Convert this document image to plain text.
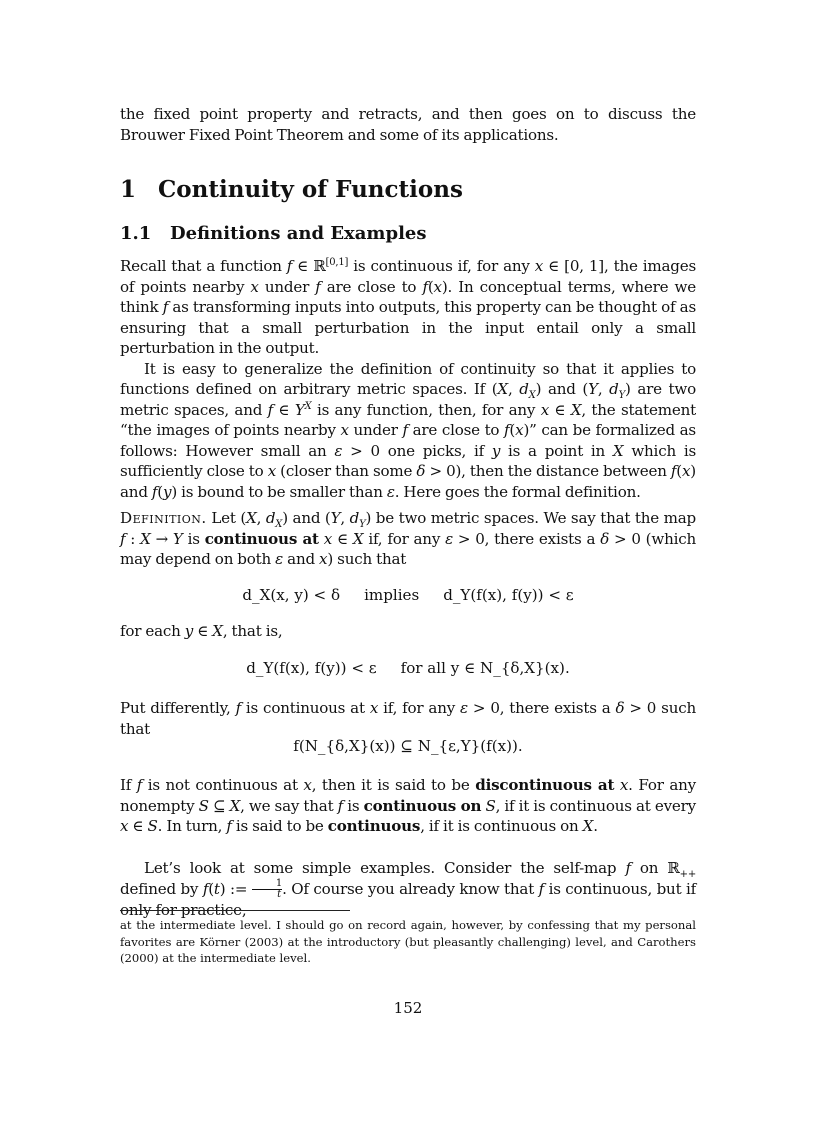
the fixed point property and retracts, and then goes on to discuss the Brouwer Fixed Point Theorem and some of its applications.

1 Continuity of Functions
1.1 Definitions and Examples

Recall that a function f ∈ ℝ[0,1] is continuous if, for any x ∈ [0, 1], the images of points nearby x under f are close to f(x). In conceptual terms, where we think f as transforming inputs into outputs, this property can be thought of as ensuring that a small perturbation in the input entail only a small perturbation in the output.

It is easy to generalize the definition of continuity so that it applies to functions defined on arbitrary metric spaces. If (X, $d_X$) and (Y, $d_Y$) are two metric spaces, and f ∈ $Y^X$ is any function, then, for any x ∈ X, the statement “the images of points nearby x under f are close to f(x)” can be formalized as follows: However small an ε > 0 one picks, if y is a point in X which is sufficiently close to x (closer than some δ > 0), then the distance between f(x) and f(y) is bound to be smaller than ε. Here goes the formal definition.

Definition. Let (X, $d_X$) and (Y, $d_Y$) be two metric spaces. We say that the map f : X → Y is continuous at x ∈ X if, for any ε > 0, there exists a δ > 0 (which may depend on both ε and x) such that

d_X(x, y) < δ implies d_Y(f(x), f(y)) < ε

for each y ∈ X, that is,

d_Y(f(x), f(y)) < ε for all y ∈ N_{δ,X}(x).

Put differently, f is continuous at x if, for any ε > 0, there exists a δ > 0 such that

f(N_{δ,X}(x)) ⊆ N_{ε,Y}(f(x)).

If f is not continuous at x, then it is said to be discontinuous at x. For any nonempty S ⊆ X, we say that f is continuous on S, if it is continuous at every x ∈ S. In turn, f is said to be continuous, if it is continuous on X.

Let’s look at some simple examples. Consider the self-map f on ℝ$_{++}$ defined by f(t) := $\frac{1}{t}$ . Of course you already know that f is continuous, but if only for practice,

at the intermediate level. I should go on record again, however, by confessing that my personal favorites are Körner (2003) at the introductory (but pleasantly challenging) level, and Carothers (2000) at the intermediate level.

152
